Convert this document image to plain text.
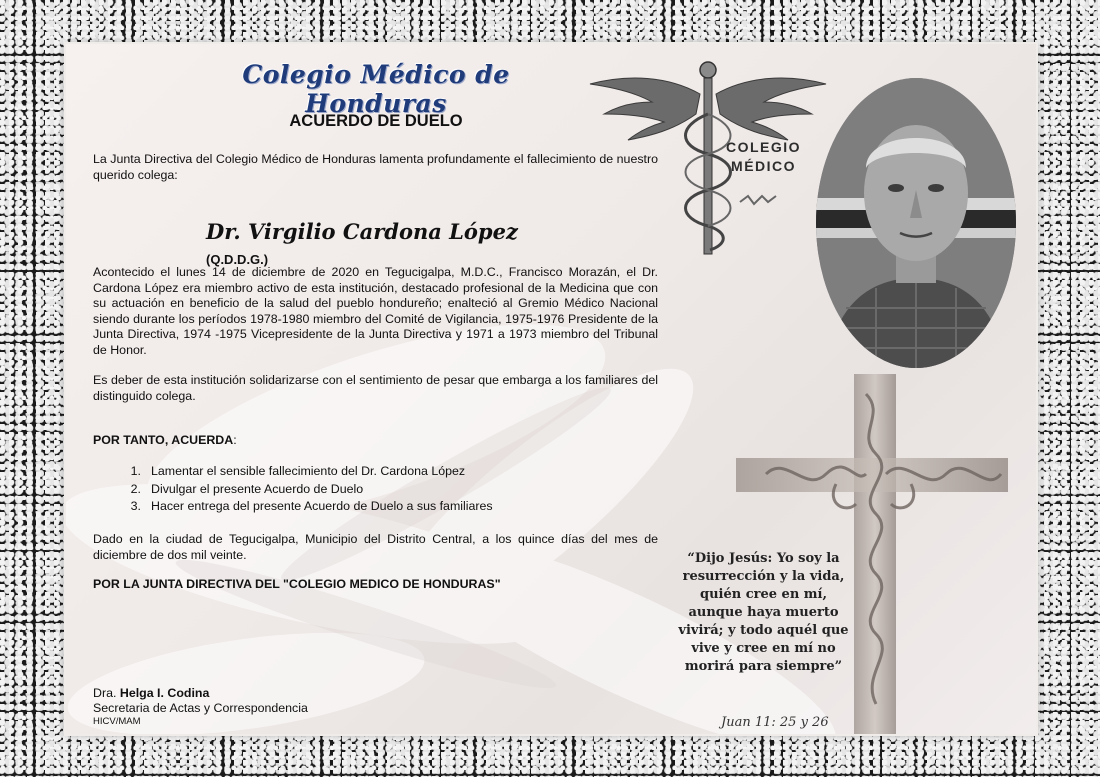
Colegio Médico de Honduras
ACUERDO DE DUELO
COLEGIO
MÉDICO
La Junta Directiva del Colegio Médico de Honduras lamenta profundamente el fallecimiento de nuestro querido colega:
Dr. Virgilio Cardona López (Q.D.D.G.)
Acontecido el lunes 14 de diciembre de 2020 en Tegucigalpa, M.D.C., Francisco Morazán, el Dr. Cardona López era miembro activo de esta institución, destacado profesional de la Medicina que con su actuación en beneficio de la salud del pueblo hondureño; enalteció al Gremio Médico Nacional siendo durante los períodos 1978-1980 miembro del Comité de Vigilancia, 1975-1976 Presidente de la Junta Directiva, 1974 -1975 Vicepresidente de la Junta Directiva y 1971 a 1973 miembro del Tribunal de Honor.
Es deber de esta institución solidarizarse con el sentimiento de pesar que embarga a los familiares del distinguido colega.
POR TANTO, ACUERDA:
1. Lamentar el sensible fallecimiento del Dr. Cardona López
2. Divulgar el presente Acuerdo de Duelo
3. Hacer entrega del presente Acuerdo de Duelo a sus familiares
Dado en la ciudad de Tegucigalpa, Municipio del Distrito Central, a los quince días del mes de diciembre de dos mil veinte.
POR LA JUNTA DIRECTIVA DEL "COLEGIO MEDICO DE HONDURAS"
Dra. Helga I. Codina
Secretaria de Actas y Correspondencia
HICV/MAM
“Dijo Jesús: Yo soy la resurrección y la vida, quién cree en mí, aunque haya muerto vivirá; y todo aquél que vive y cree en mí no morirá para siempre”
Juan 11: 25 y 26
